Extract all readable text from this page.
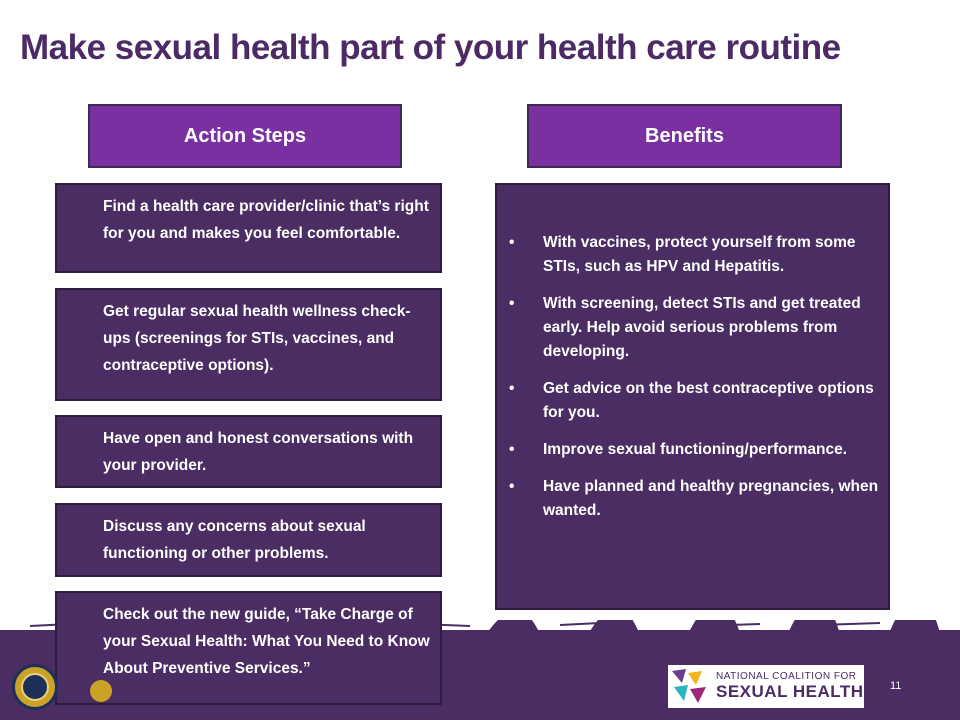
Make sexual health part of your health care routine
Action Steps	Benefits
Find a health care provider/clinic that’s right for you and makes you feel comfortable.
Get regular sexual health wellness check-ups (screenings for STIs, vaccines, and contraceptive options).
Have open and honest conversations with your provider.
Discuss any concerns about sexual functioning or other problems.
Check out the new guide, “Take Charge of your Sexual Health: What You Need to Know About Preventive Services.”
• With vaccines, protect yourself from some STIs, such as HPV and Hepatitis.
• With screening, detect STIs and get treated early. Help avoid serious problems from developing.
• Get advice on the best contraceptive options for you.
• Improve sexual functioning/performance.
• Have planned and healthy pregnancies, when wanted.
NATIONAL COALITION FOR
SEXUAL HEALTH 11
